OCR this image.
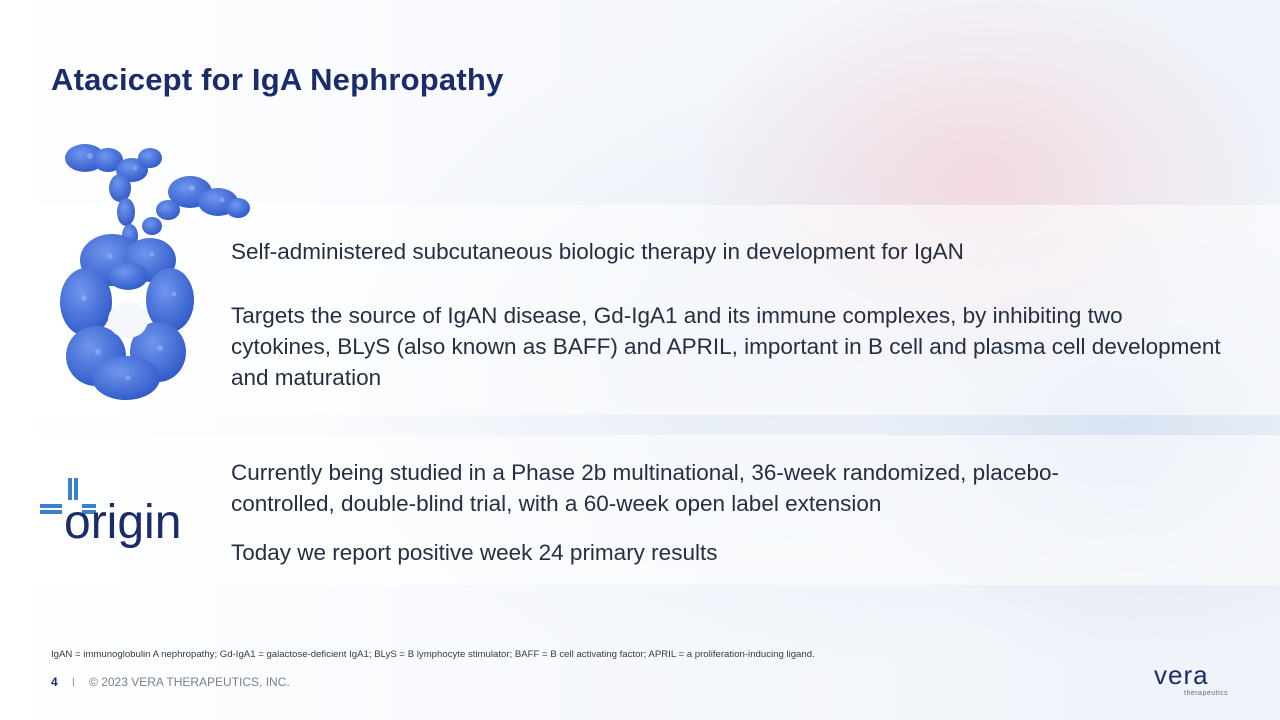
Atacicept for IgA Nephropathy

Self-administered subcutaneous biologic therapy in development for IgAN

Targets the source of IgAN disease, Gd-IgA1 and its immune complexes, by inhibiting two cytokines, BLyS (also known as BAFF) and APRIL, important in B cell and plasma cell development and maturation

origin

Currently being studied in a Phase 2b multinational, 36-week randomized, placebo-controlled, double-blind trial, with a 60-week open label extension

Today we report positive week 24 primary results

IgAN = immunoglobulin A nephropathy; Gd-IgA1 = galactose-deficient IgA1; BLyS = B lymphocyte stimulator; BAFF = B cell activating factor; APRIL = a proliferation-inducing ligand.

4 I © 2023 VERA THERAPEUTICS, INC.	vera
therapeutics
